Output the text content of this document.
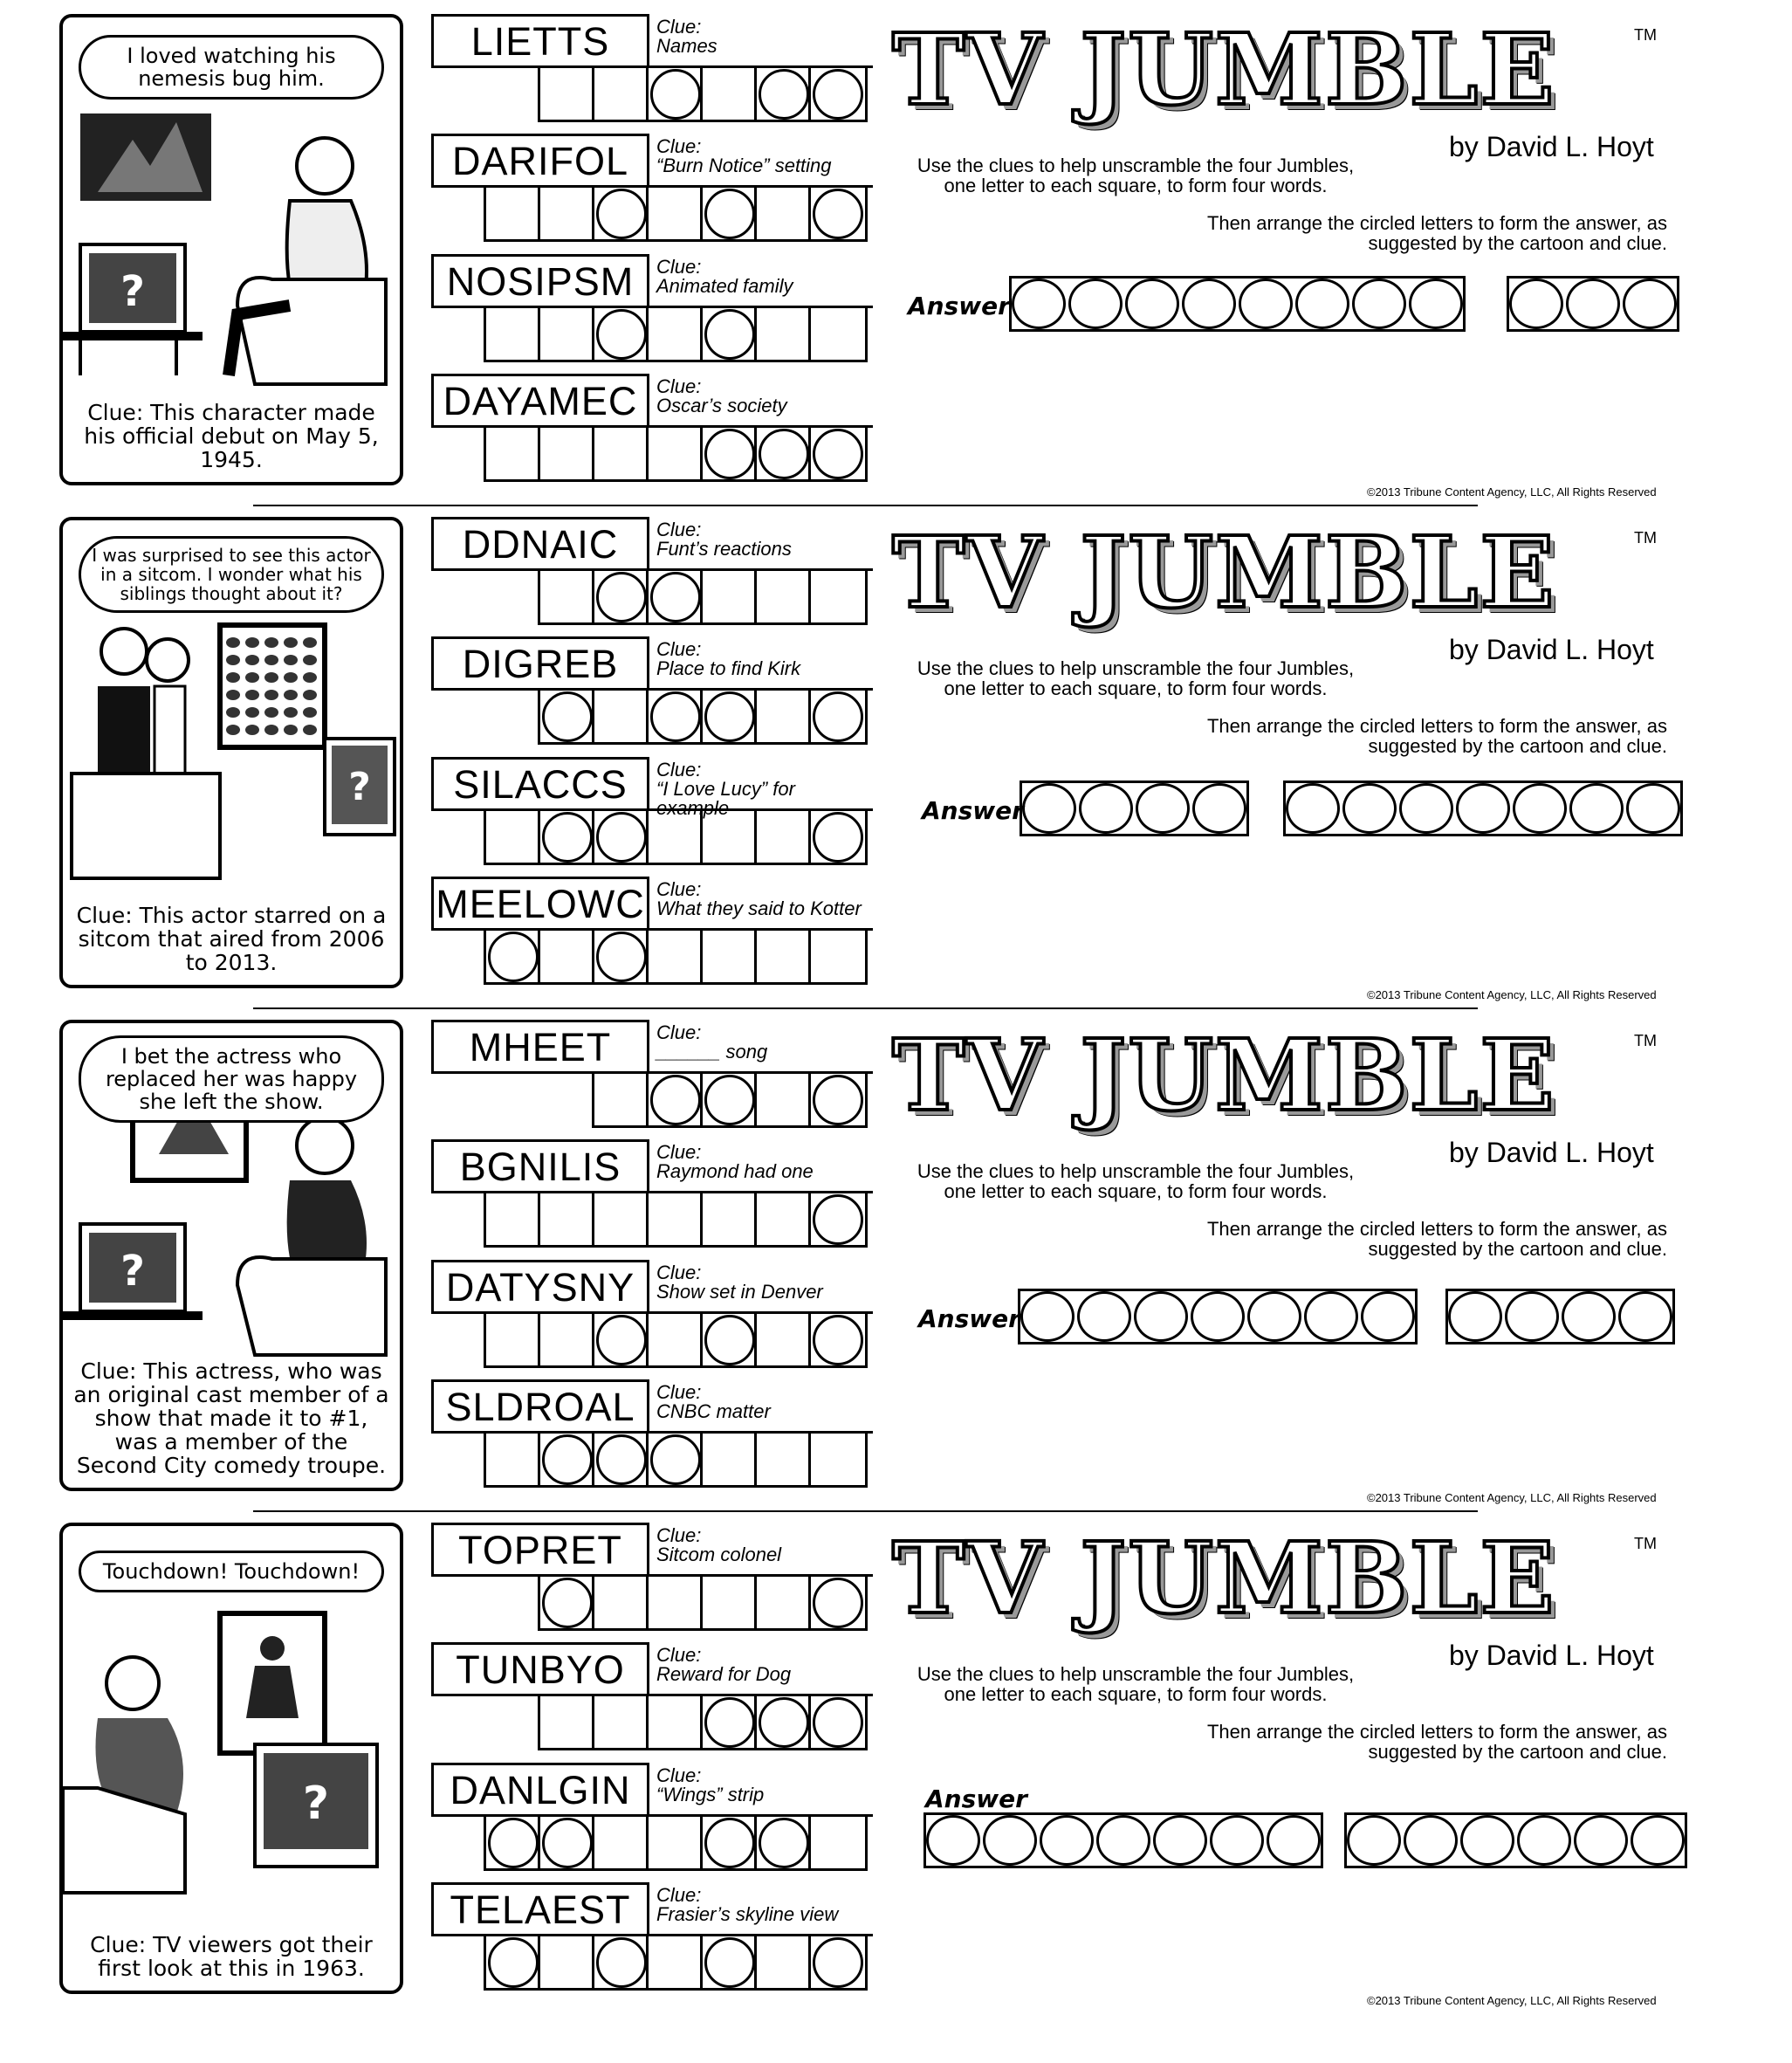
?
I loved watching his nemesis bug him.
Clue: This character made his official debut on May 5, 1945.
LIETTS	Clue:
Names
DARIFOL	Clue:
“Burn Notice” setting
NOSIPSM	Clue:
Animated family
DAYAMEC Clue:
Oscar’s society
TV JUMBLE	TM
by David L. Hoyt
Use the clues to help unscramble the four Jumbles, one letter to each square, to form four words.
Then arrange the circled letters to form the answer, as suggested by the cartoon and clue.
Answer
©2013 Tribune Content Agency, LLC, All Rights Reserved
?
I was surprised to see this actor in a sitcom. I wonder what his siblings thought about it?
Clue: This actor starred on a sitcom that aired from 2006 to 2013.
DDNAIC	Clue:
Funt’s reactions
DIGREB	Clue:
Place to find Kirk
SILACCS	Clue:
“I Love Lucy” for example
MEELOWC Clue:
What they said to Kotter
TV JUMBLE	TM
by David L. Hoyt
Use the clues to help unscramble the four Jumbles, one letter to each square, to form four words.
Then arrange the circled letters to form the answer, as suggested by the cartoon and clue.
Answer
©2013 Tribune Content Agency, LLC, All Rights Reserved
?
I bet the actress who replaced her was happy she left the show.
Clue: This actress, who was an original cast member of a show that made it to #1, was a member of the Second City comedy troupe.
MHEET	Clue:
______ song
BGNILIS	Clue:
Raymond had one
DATYSNY	Clue:
Show set in Denver
SLDROAL	Clue:
CNBC matter
TV JUMBLE	TM
by David L. Hoyt
Use the clues to help unscramble the four Jumbles, one letter to each square, to form four words.
Then arrange the circled letters to form the answer, as suggested by the cartoon and clue.
Answer
©2013 Tribune Content Agency, LLC, All Rights Reserved
?
Touchdown! Touchdown!
Clue: TV viewers got their first look at this in 1963.
TOPRET	Clue:
Sitcom colonel
TUNBYO	Clue:
Reward for Dog
DANLGIN	Clue:
“Wings” strip
TELAEST	Clue:
Frasier’s skyline view
TV JUMBLE	TM
by David L. Hoyt
Use the clues to help unscramble the four Jumbles, one letter to each square, to form four words.
Then arrange the circled letters to form the answer, as suggested by the cartoon and clue.
Answer
©2013 Tribune Content Agency, LLC, All Rights Reserved
